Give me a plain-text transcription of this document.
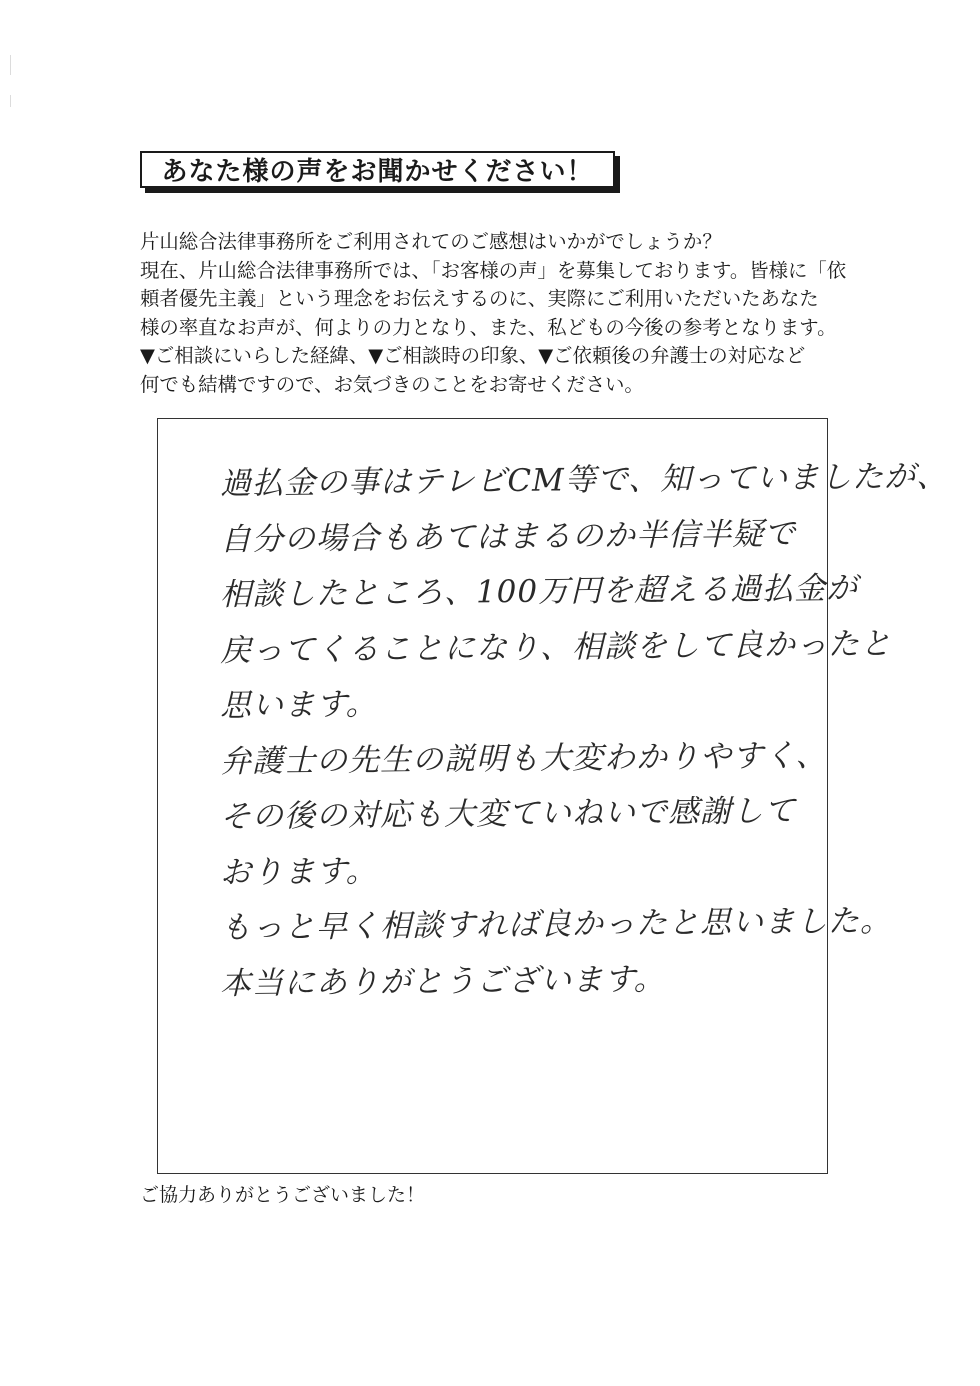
あなた様の声をお聞かせください！
片山総合法律事務所をご利用されてのご感想はいかがでしょうか？
現在、片山総合法律事務所では、「お客様の声」を募集しております。皆様に「依
頼者優先主義」という理念をお伝えするのに、実際にご利用いただいたあなた
様の率直なお声が、何よりの力となり、また、私どもの今後の参考となります。
▼ご相談にいらした経緯、▼ご相談時の印象、▼ご依頼後の弁護士の対応など
何でも結構ですので、お気づきのことをお寄せください。
過払金の事はテレビCM等で、知っていましたが、
自分の場合もあてはまるのか半信半疑で
相談したところ、100万円を超える過払金が
戻ってくることになり、相談をして良かったと
思います。
弁護士の先生の説明も大変わかりやすく、
その後の対応も大変ていねいで感謝して
おります。
もっと早く相談すれば良かったと思いました。
本当にありがとうございます。
ご協力ありがとうございました！
